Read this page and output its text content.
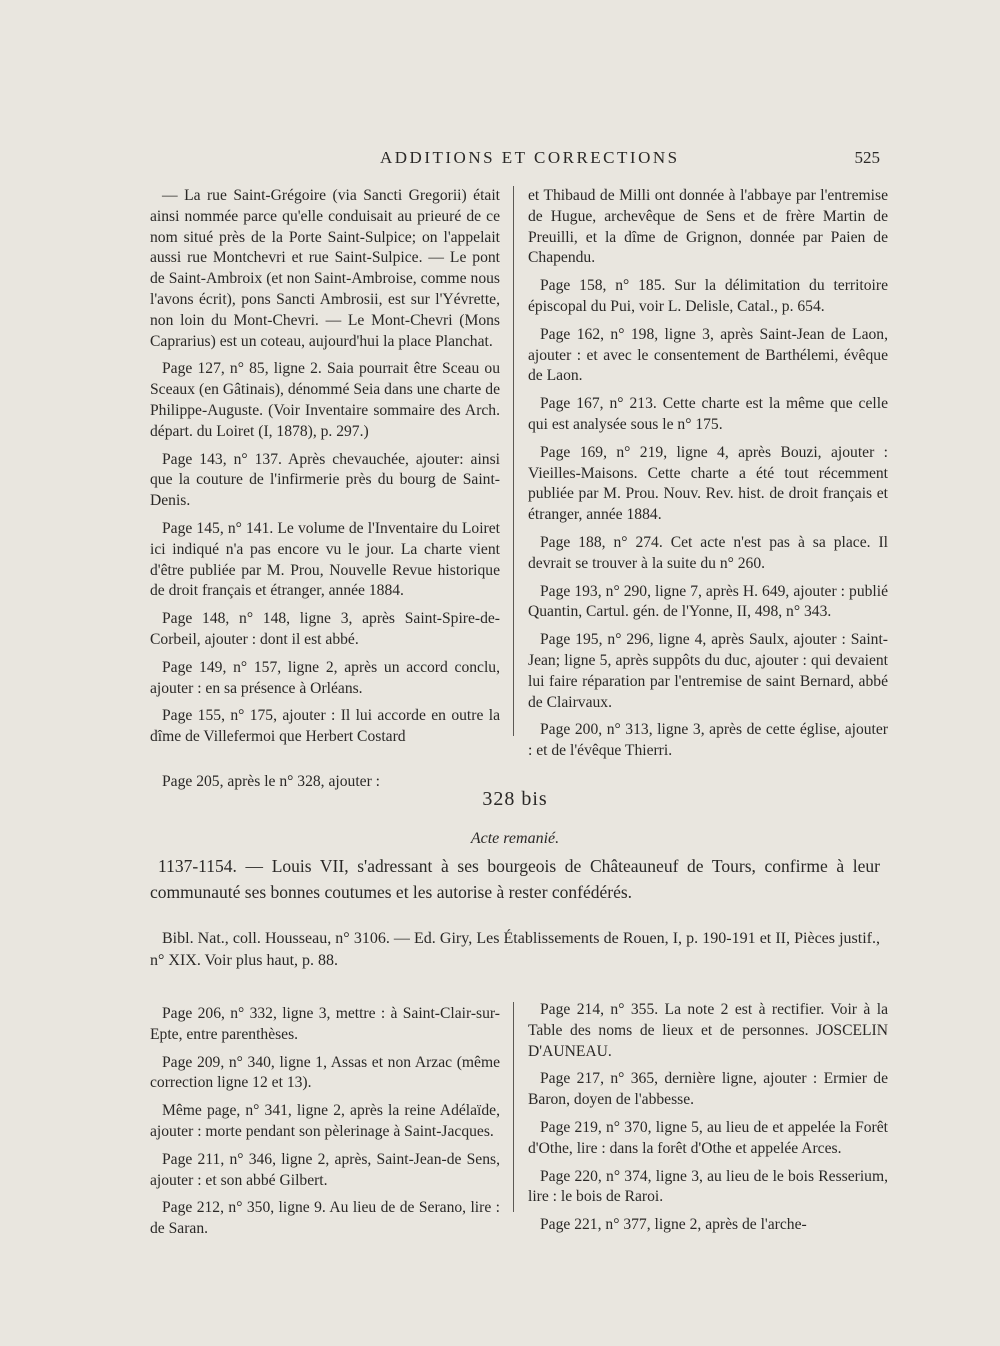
ADDITIONS ET CORRECTIONS	525

— La rue Saint-Grégoire (via Sancti Gregorii) était ainsi nommée parce qu'elle conduisait au prieuré de ce nom situé près de la Porte Saint-Sulpice; on l'appelait aussi rue Montchevri et rue Saint-Sulpice. — Le pont de Saint-Ambroix (et non Saint-Ambroise, comme nous l'avons écrit), pons Sancti Ambrosii, est sur l'Yévrette, non loin du Mont-Chevri. — Le Mont-Chevri (Mons Caprarius) est un coteau, aujourd'hui la place Planchat.

Page 127, n° 85, ligne 2. Saia pourrait être Sceau ou Sceaux (en Gâtinais), dénommé Seia dans une charte de Philippe-Auguste. (Voir Inventaire sommaire des Arch. départ. du Loiret (I, 1878), p. 297.)

Page 143, n° 137. Après chevauchée, ajouter: ainsi que la couture de l'infirmerie près du bourg de Saint-Denis.

Page 145, n° 141. Le volume de l'Inventaire du Loiret ici indiqué n'a pas encore vu le jour. La charte vient d'être publiée par M. Prou, Nouvelle Revue historique de droit français et étranger, année 1884.

Page 148, n° 148, ligne 3, après Saint-Spire-de-Corbeil, ajouter : dont il est abbé.

Page 149, n° 157, ligne 2, après un accord conclu, ajouter : en sa présence à Orléans.

Page 155, n° 175, ajouter : Il lui accorde en outre la dîme de Villefermoi que Herbert Costard

et Thibaud de Milli ont donnée à l'abbaye par l'entremise de Hugue, archevêque de Sens et de frère Martin de Preuilli, et la dîme de Grignon, donnée par Paien de Chapendu.

Page 158, n° 185. Sur la délimitation du territoire épiscopal du Pui, voir L. Delisle, Catal., p. 654.

Page 162, n° 198, ligne 3, après Saint-Jean de Laon, ajouter : et avec le consentement de Barthélemi, évêque de Laon.

Page 167, n° 213. Cette charte est la même que celle qui est analysée sous le n° 175.

Page 169, n° 219, ligne 4, après Bouzi, ajouter : Vieilles-Maisons. Cette charte a été tout récemment publiée par M. Prou. Nouv. Rev. hist. de droit français et étranger, année 1884.

Page 188, n° 274. Cet acte n'est pas à sa place. Il devrait se trouver à la suite du n° 260.

Page 193, n° 290, ligne 7, après H. 649, ajouter : publié Quantin, Cartul. gén. de l'Yonne, II, 498, n° 343.

Page 195, n° 296, ligne 4, après Saulx, ajouter : Saint-Jean; ligne 5, après suppôts du duc, ajouter : qui devaient lui faire réparation par l'entremise de saint Bernard, abbé de Clairvaux.

Page 200, n° 313, ligne 3, après de cette église, ajouter : et de l'évêque Thierri.

Page 205, après le n° 328, ajouter :
328 bis
Acte remanié.
1137-1154. — Louis VII, s'adressant à ses bourgeois de Châteauneuf de Tours, confirme à leur communauté ses bonnes coutumes et les autorise à rester confédérés.
Bibl. Nat., coll. Housseau, n° 3106. — Ed. Giry, Les Établissements de Rouen, I, p. 190-191 et II, Pièces justif., n° XIX. Voir plus haut, p. 88.

Page 206, n° 332, ligne 3, mettre : à Saint-Clair-sur-Epte, entre parenthèses.

Page 209, n° 340, ligne 1, Assas et non Arzac (même correction ligne 12 et 13).

Même page, n° 341, ligne 2, après la reine Adélaïde, ajouter : morte pendant son pèlerinage à Saint-Jacques.

Page 211, n° 346, ligne 2, après, Saint-Jean-de Sens, ajouter : et son abbé Gilbert.

Page 212, n° 350, ligne 9. Au lieu de de Serano, lire : de Saran.

Page 214, n° 355. La note 2 est à rectifier. Voir à la Table des noms de lieux et de personnes. JOSCELIN D'AUNEAU.

Page 217, n° 365, dernière ligne, ajouter : Ermier de Baron, doyen de l'abbesse.

Page 219, n° 370, ligne 5, au lieu de et appelée la Forêt d'Othe, lire : dans la forêt d'Othe et appelée Arces.

Page 220, n° 374, ligne 3, au lieu de le bois Resserium, lire : le bois de Raroi.

Page 221, n° 377, ligne 2, après de l'arche-
